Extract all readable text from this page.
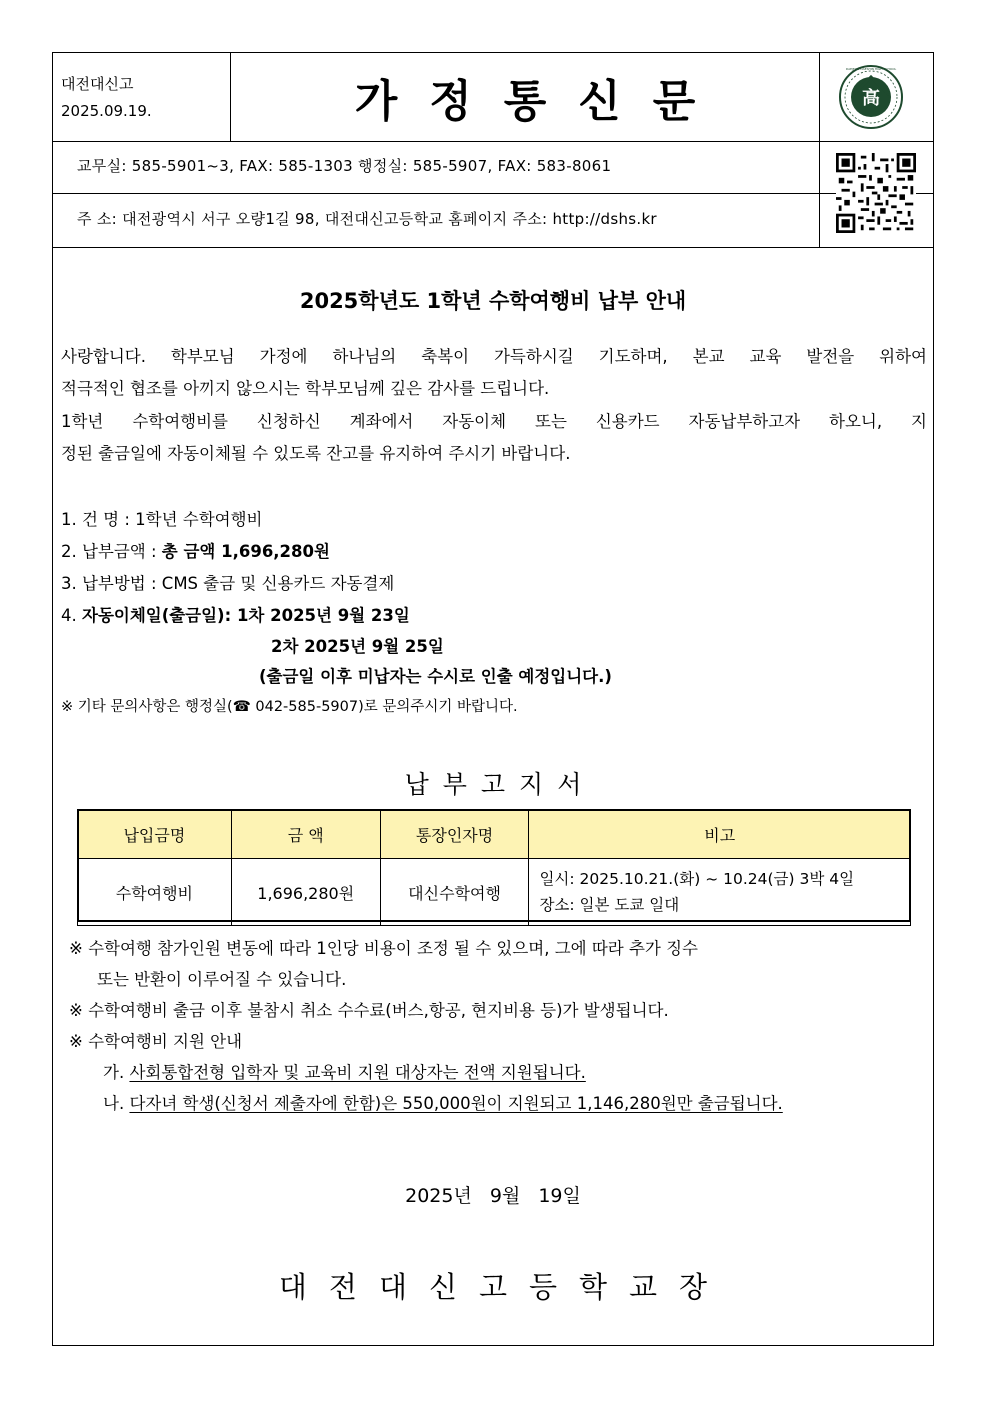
대전대신고
2025.09.19.	가정통신문	高
DAEJEON DAESHIN HIGH SCHOOL
교무실: 585-5901~3, FAX: 585-1303 행정실: 585-5907, FAX: 583-8061
주 소: 대전광역시 서구 오량1길 98, 대전대신고등학교 홈페이지 주소: http://dshs.kr
2025학년도 1학년 수학여행비 납부 안내
사랑합니다. 학부모님 가정에 하나님의 축복이 가득하시길 기도하며, 본교 교육 발전을 위하여
적극적인 협조를 아끼지 않으시는 학부모님께 깊은 감사를 드립니다.
1학년 수학여행비를 신청하신 계좌에서 자동이체 또는 신용카드 자동납부하고자 하오니, 지
정된 출금일에 자동이체될 수 있도록 잔고를 유지하여 주시기 바랍니다.
1. 건 명 : 1학년 수학여행비
2. 납부금액 : 총 금액 1,696,280원
3. 납부방법 : CMS 출금 및 신용카드 자동결제
4. 자동이체일(출금일): 1차 2025년 9월 23일
2차 2025년 9월 25일
(출금일 이후 미납자는 수시로 인출 예정입니다.)
※ 기타 문의사항은 행정실(☎ 042-585-5907)로 문의주시기 바랍니다.
납부고지서
납입금명	금 액	통장인자명	비고
수학여행비	1,696,280원	대신수학여행	일시: 2025.10.21.(화) ~ 10.24(금) 3박 4일
장소: 일본 도쿄 일대
※ 수학여행 참가인원 변동에 따라 1인당 비용이 조정 될 수 있으며, 그에 따라 추가 징수
또는 반환이 이루어질 수 있습니다.
※ 수학여행비 출금 이후 불참시 취소 수수료(버스,항공, 현지비용 등)가 발생됩니다.
※ 수학여행비 지원 안내
가. 사회통합전형 입학자 및 교육비 지원 대상자는 전액 지원됩니다.
나. 다자녀 학생(신청서 제출자에 한함)은 550,000원이 지원되고 1,146,280원만 출금됩니다.
2025년 9월 19일
대전대신고등학교장
